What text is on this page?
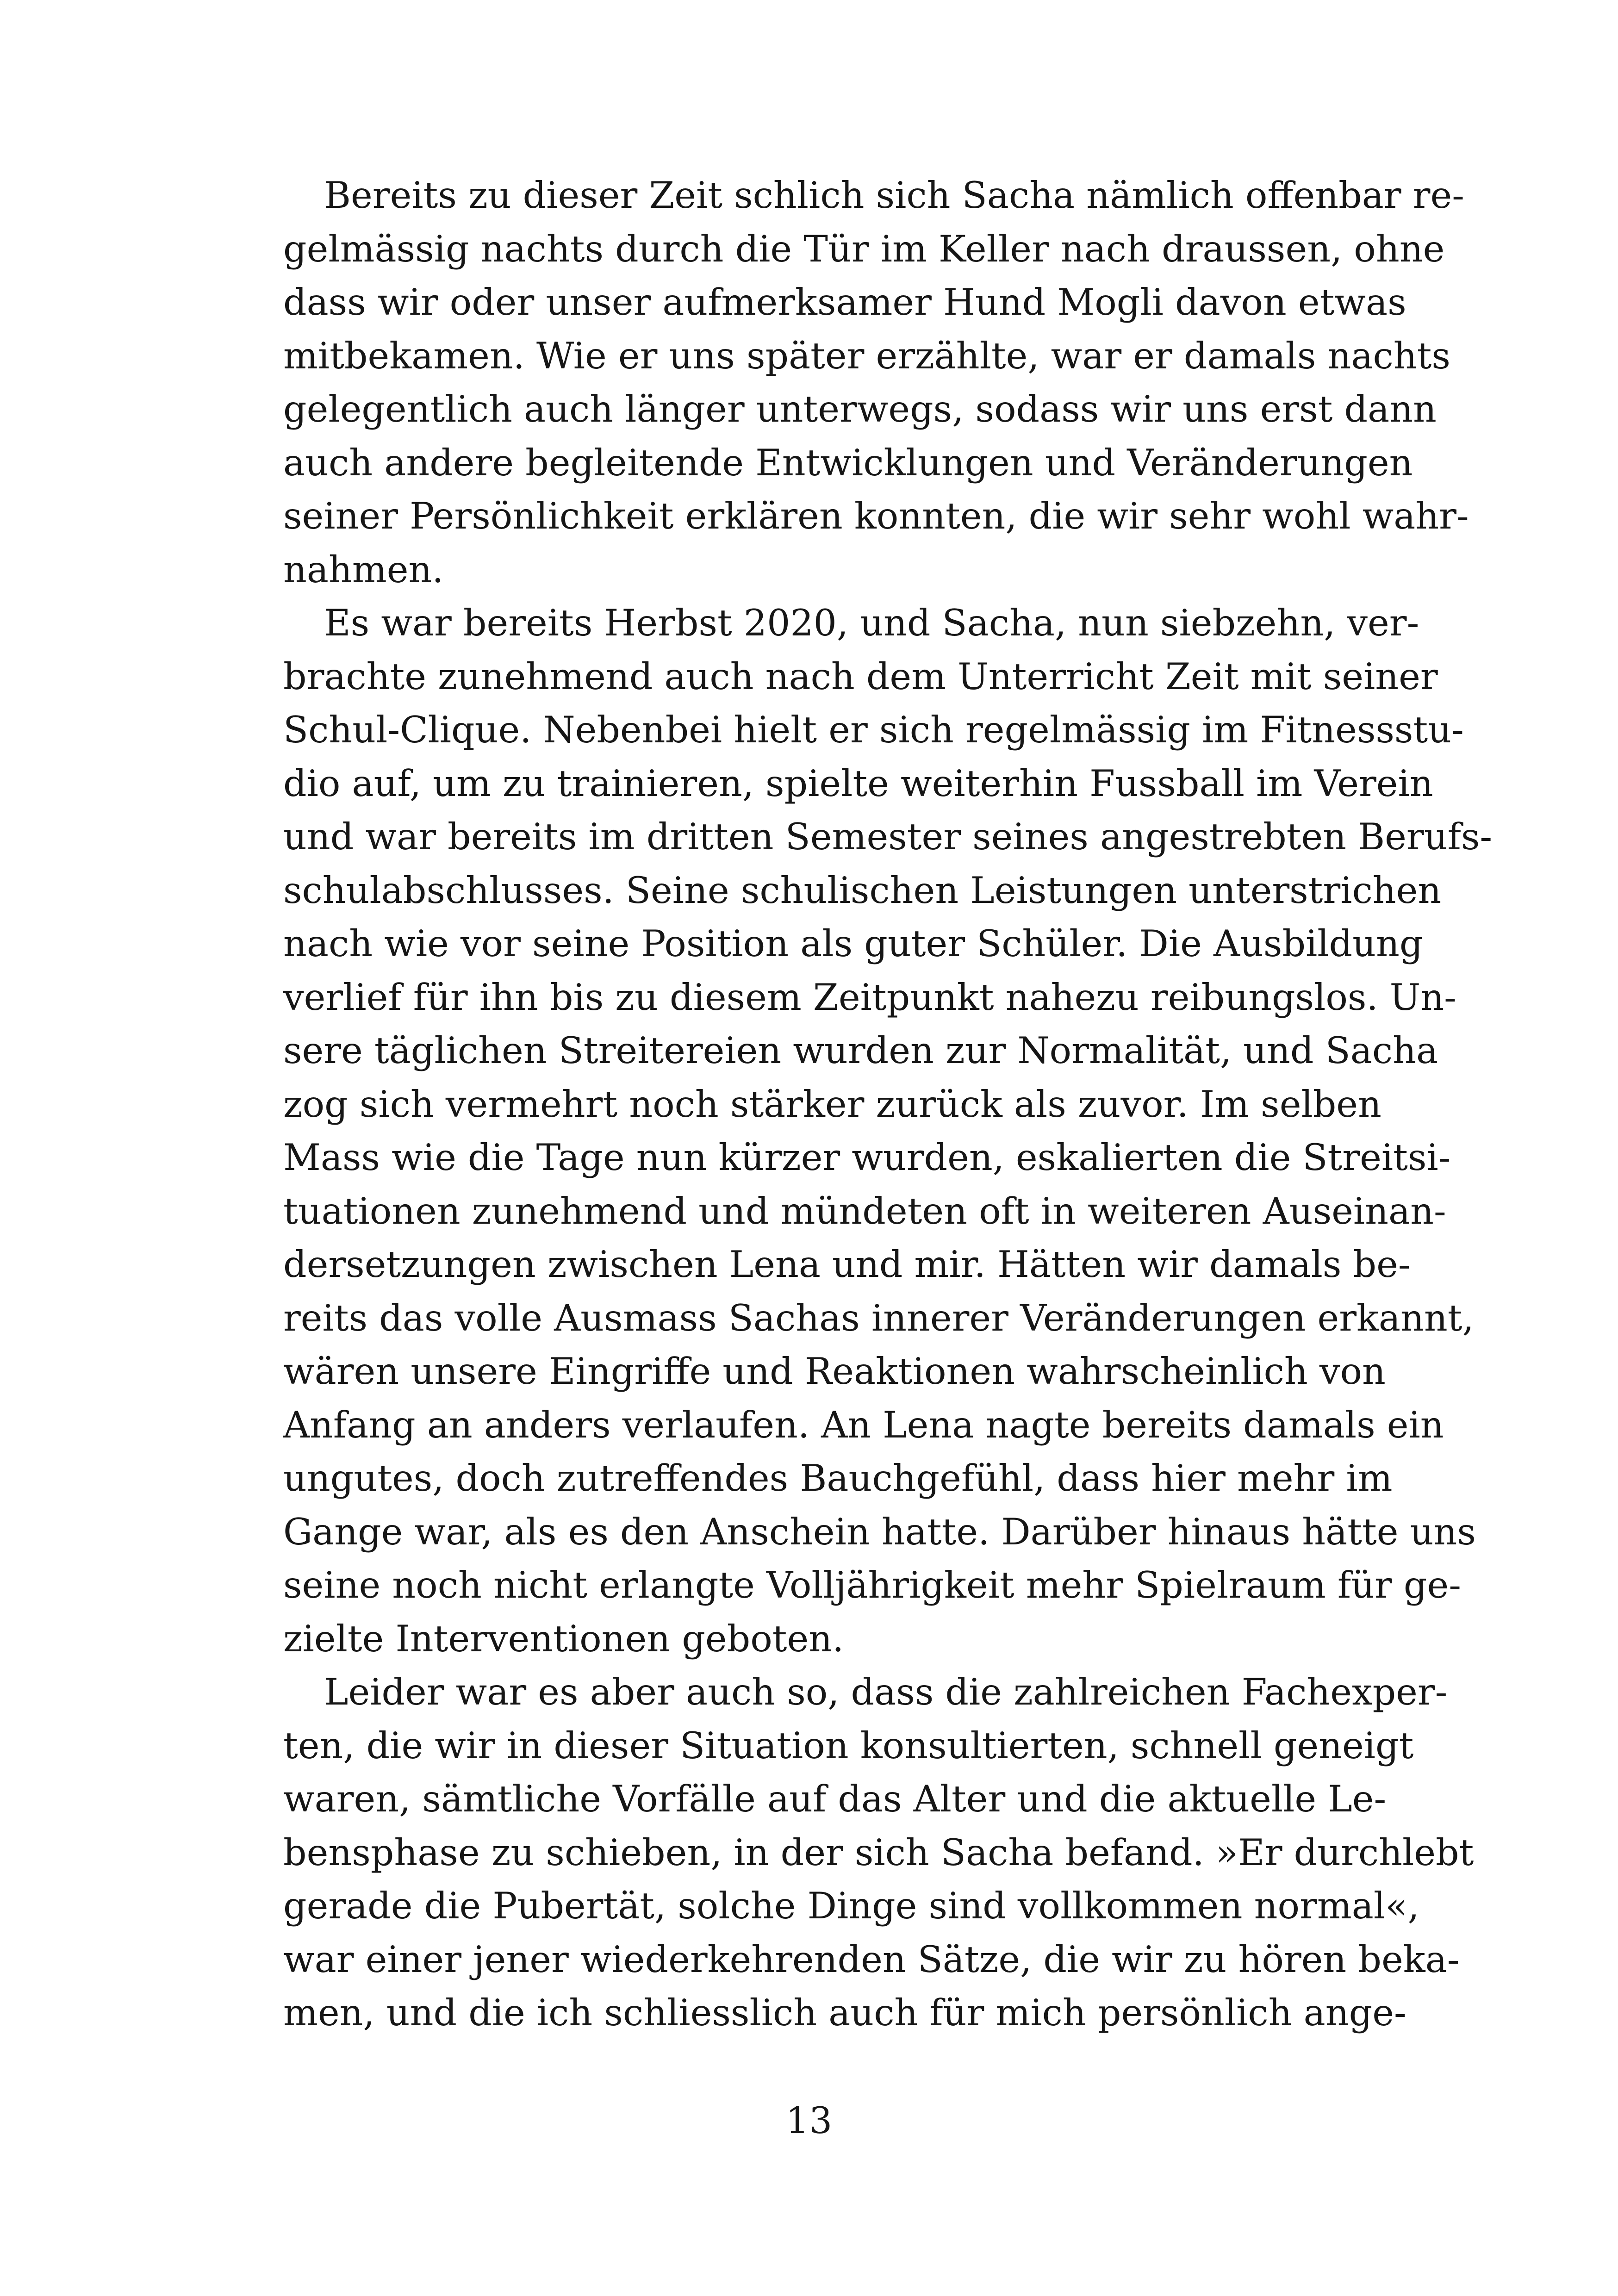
Bereits zu dieser Zeit schlich sich Sacha nämlich offenbar re-
gelmässig nachts durch die Tür im Keller nach draussen, ohne
dass wir oder unser aufmerksamer Hund Mogli davon etwas
mitbekamen. Wie er uns später erzählte, war er damals nachts
gelegentlich auch länger unterwegs, sodass wir uns erst dann
auch andere begleitende Entwicklungen und Veränderungen
seiner Persönlichkeit erklären konnten, die wir sehr wohl wahr-
nahmen.
Es war bereits Herbst 2020, und Sacha, nun siebzehn, ver-
brachte zunehmend auch nach dem Unterricht Zeit mit seiner
Schul-Clique. Nebenbei hielt er sich regelmässig im Fitnessstu-
dio auf, um zu trainieren, spielte weiterhin Fussball im Verein
und war bereits im dritten Semester seines angestrebten Berufs-
schulabschlusses. Seine schulischen Leistungen unterstrichen
nach wie vor seine Position als guter Schüler. Die Ausbildung
verlief für ihn bis zu diesem Zeitpunkt nahezu reibungslos. Un-
sere täglichen Streitereien wurden zur Normalität, und Sacha
zog sich vermehrt noch stärker zurück als zuvor. Im selben
Mass wie die Tage nun kürzer wurden, eskalierten die Streitsi-
tuationen zunehmend und mündeten oft in weiteren Auseinan-
dersetzungen zwischen Lena und mir. Hätten wir damals be-
reits das volle Ausmass Sachas innerer Veränderungen erkannt,
wären unsere Eingriffe und Reaktionen wahrscheinlich von
Anfang an anders verlaufen. An Lena nagte bereits damals ein
ungutes, doch zutreffendes Bauchgefühl, dass hier mehr im
Gange war, als es den Anschein hatte. Darüber hinaus hätte uns
seine noch nicht erlangte Volljährigkeit mehr Spielraum für ge-
zielte Interventionen geboten.
Leider war es aber auch so, dass die zahlreichen Fachexper-
ten, die wir in dieser Situation konsultierten, schnell geneigt
waren, sämtliche Vorfälle auf das Alter und die aktuelle Le-
bensphase zu schieben, in der sich Sacha befand. »Er durchlebt
gerade die Pubertät, solche Dinge sind vollkommen normal«,
war einer jener wiederkehrenden Sätze, die wir zu hören beka-
men, und die ich schliesslich auch für mich persönlich ange-
13
